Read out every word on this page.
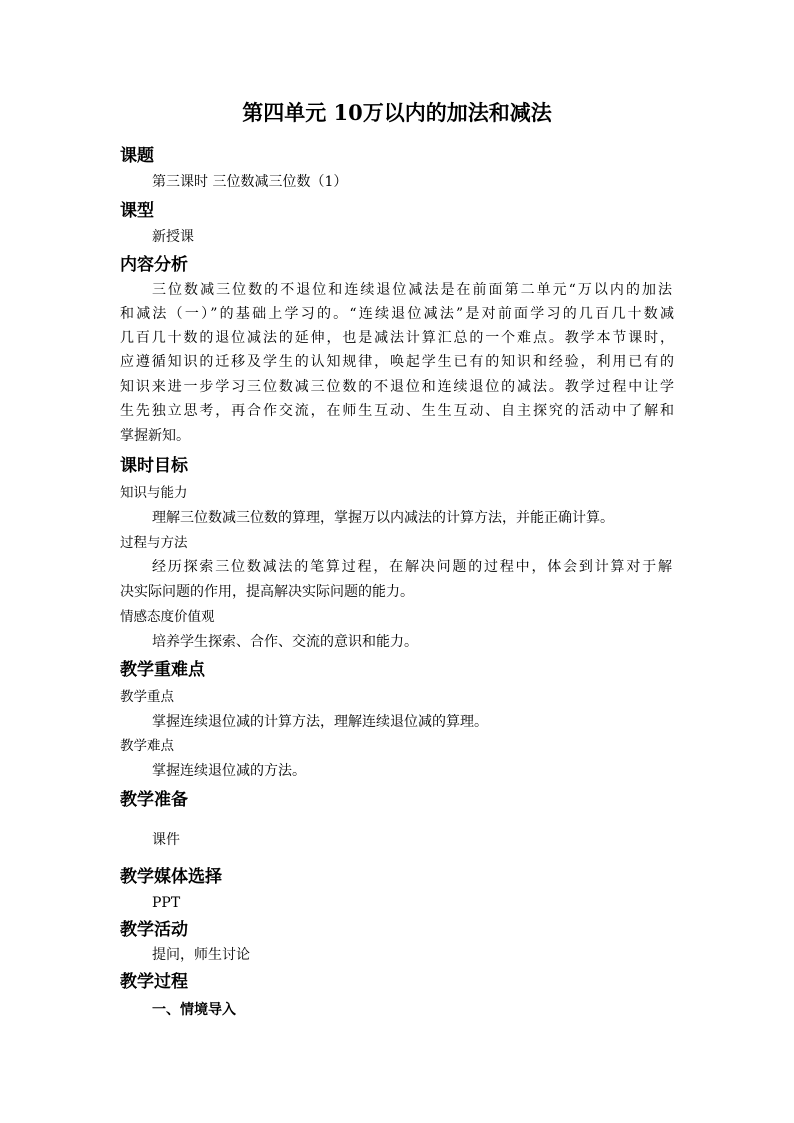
第四单元 10万以内的加法和减法
课题
第三课时 三位数减三位数（1）
课型
新授课
内容分析
三位数减三位数的不退位和连续退位减法是在前面第二单元“万以内的加法
和减法（一）”的基础上学习的。“连续退位减法”是对前面学习的几百几十数减
几百几十数的退位减法的延伸，也是减法计算汇总的一个难点。教学本节课时，
应遵循知识的迁移及学生的认知规律，唤起学生已有的知识和经验，利用已有的
知识来进一步学习三位数减三位数的不退位和连续退位的减法。教学过程中让学
生先独立思考，再合作交流，在师生互动、生生互动、自主探究的活动中了解和
掌握新知。
课时目标
知识与能力
理解三位数减三位数的算理，掌握万以内减法的计算方法，并能正确计算。
过程与方法
经历探索三位数减法的笔算过程，在解决问题的过程中，体会到计算对于解
决实际问题的作用，提高解决实际问题的能力。
情感态度价值观
培养学生探索、合作、交流的意识和能力。
教学重难点
教学重点
掌握连续退位减的计算方法，理解连续退位减的算理。
教学难点
掌握连续退位减的方法。
教学准备
课件
教学媒体选择
PPT
教学活动
提问，师生讨论
教学过程
一、情境导入
